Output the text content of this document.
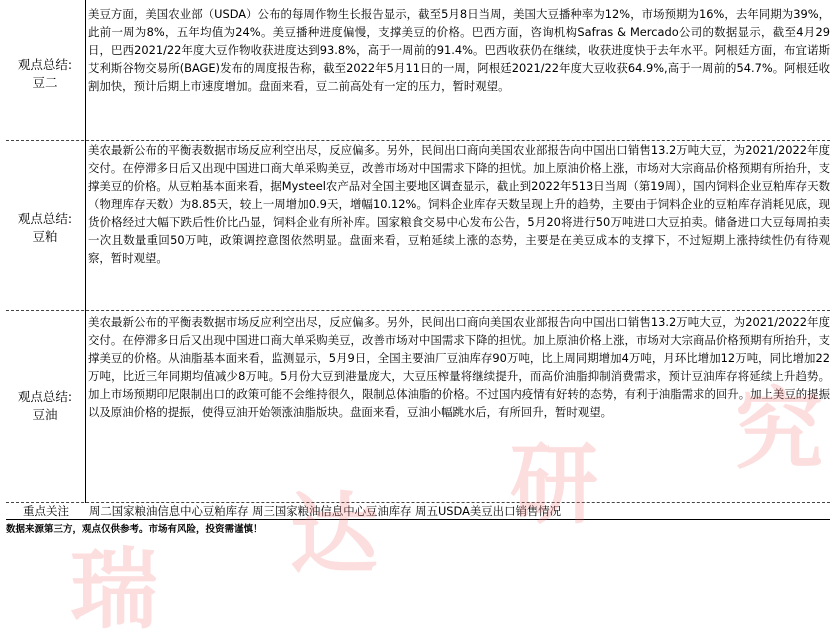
观点总结:
豆二

美豆方面，美国农业部（USDA）公布的每周作物生长报告显示，截至5月8日当周，美国大豆播种率为12%，市场预期为16%，去年同期为39%，此前一周为8%，五年均值为24%。美豆播种进度偏慢，支撑美豆的价格。巴西方面，咨询机构Safras & Mercado公司的数据显示，截至4月29日，巴西2021/22年度大豆作物收获进度达到93.8%，高于一周前的91.4%。巴西收获仍在继续，收获进度快于去年水平。阿根廷方面，布宜诺斯艾利斯谷物交易所(BAGE)发布的周度报告称，截至2022年5月11日的一周，阿根廷2021/22年度大豆收获64.9%,高于一周前的54.7%。阿根廷收割加快，预计后期上市速度增加。盘面来看，豆二前高处有一定的压力，暂时观望。

观点总结:
豆粕

美农最新公布的平衡表数据市场反应利空出尽，反应偏多。另外，民间出口商向美国农业部报告向中国出口销售13.2万吨大豆，为2021/2022年度交付。在停滞多日后又出现中国进口商大单采购美豆，改善市场对中国需求下降的担忧。加上原油价格上涨，市场对大宗商品价格预期有所抬升，支撑美豆的价格。从豆粕基本面来看，据Mysteel农产品对全国主要地区调查显示，截止到2022年513日当周（第19周），国内饲料企业豆粕库存天数（物理库存天数）为8.85天，较上一周增加0.9天，增幅10.12%。饲料企业库存天数呈现上升的趋势，主要由于饲料企业的豆粕库存消耗见底，现货价格经过大幅下跌后性价比凸显，饲料企业有所补库。国家粮食交易中心发布公告，5月20将进行50万吨进口大豆拍卖。储备进口大豆每周拍卖一次且数量重回50万吨，政策调控意图依然明显。盘面来看，豆粕延续上涨的态势，主要是在美豆成本的支撑下，不过短期上涨持续性仍有待观察，暂时观望。

观点总结:
豆油

美农最新公布的平衡表数据市场反应利空出尽，反应偏多。另外，民间出口商向美国农业部报告向中国出口销售13.2万吨大豆，为2021/2022年度交付。在停滞多日后又出现中国进口商大单采购美豆，改善市场对中国需求下降的担忧。加上原油价格上涨，市场对大宗商品价格预期有所抬升，支撑美豆的价格。从油脂基本面来看，监测显示，5月9日，全国主要油厂豆油库存90万吨，比上周同期增加4万吨，月环比增加12万吨，同比增加22万吨，比近三年同期均值减少8万吨。5月份大豆到港量庞大，大豆压榨量将继续提升，而高价油脂抑制消费需求，预计豆油库存将延续上升趋势。加上市场预期印尼限制出口的政策可能不会维持很久，限制总体油脂的价格。不过国内疫情有好转的态势，有利于油脂需求的回升。加上美豆的提振以及原油价格的提振，使得豆油开始领涨油脂版块。盘面来看，豆油小幅跳水后，有所回升，暂时观望。

重点关注	周二国家粮油信息中心豆粕库存 周三国家粮油信息中心豆油库存 周五USDA美豆出口销售情况
数据来源第三方，观点仅供参考。市场有风险，投资需谨慎！
瑞
达 研
究
